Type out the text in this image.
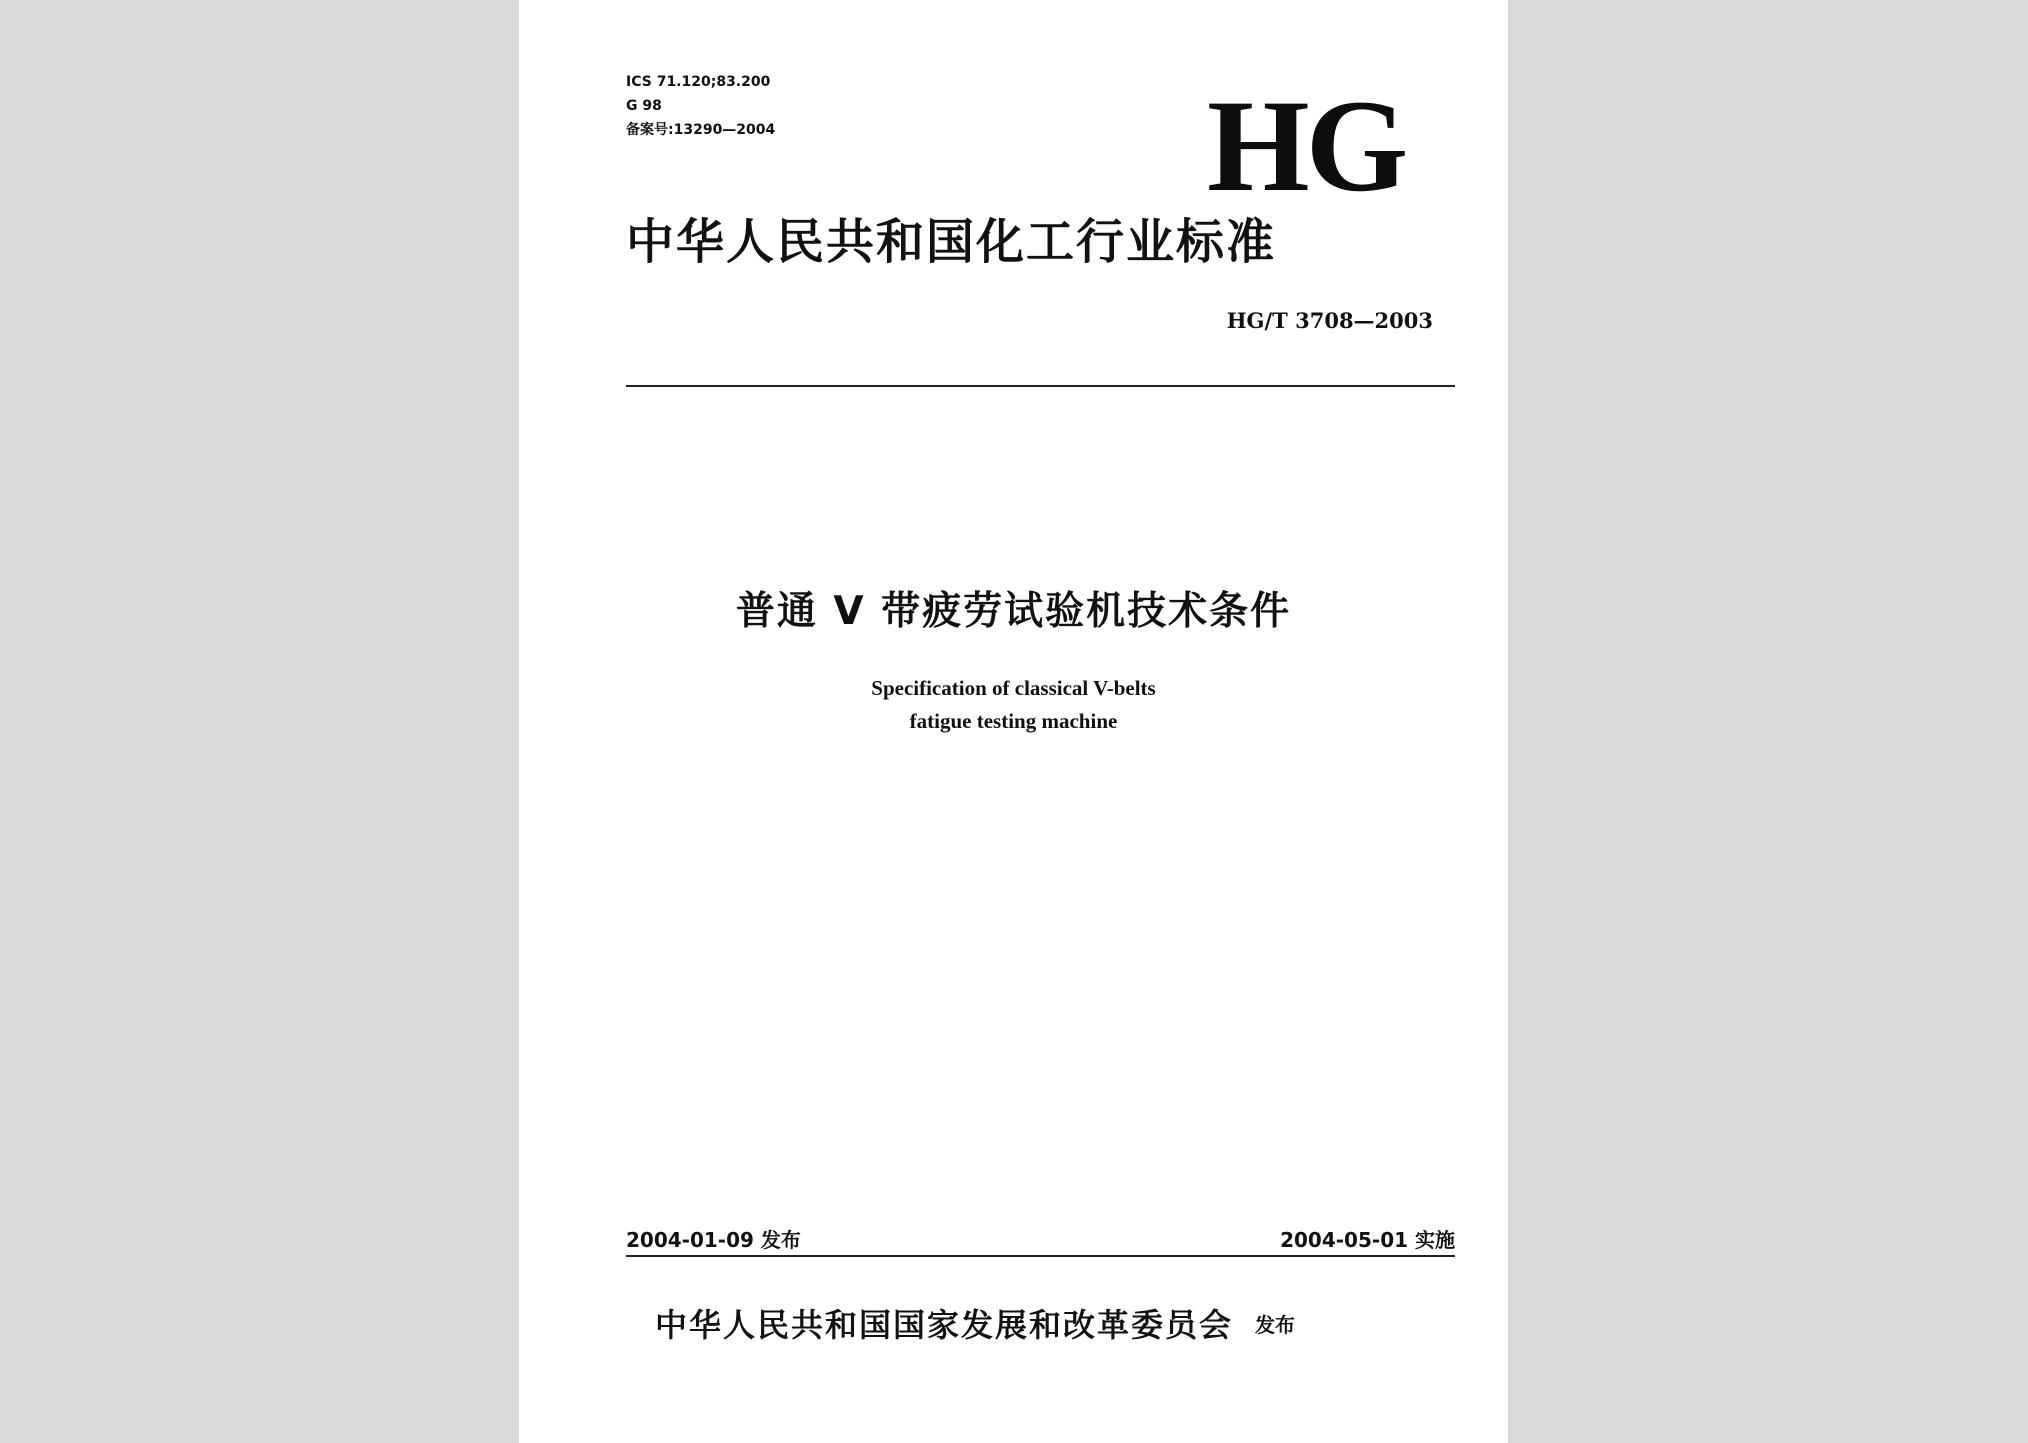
ICS 71.120;83.200
G 98
备案号:13290—2004	HG
中华人民共和国化工行业标准
HG/T 3708—2003
普通 V 带疲劳试验机技术条件
Specification of classical V-belts
fatigue testing machine
2004-01-09 发布	2004-05-01 实施
中华人民共和国国家发展和改革委员会 发布
